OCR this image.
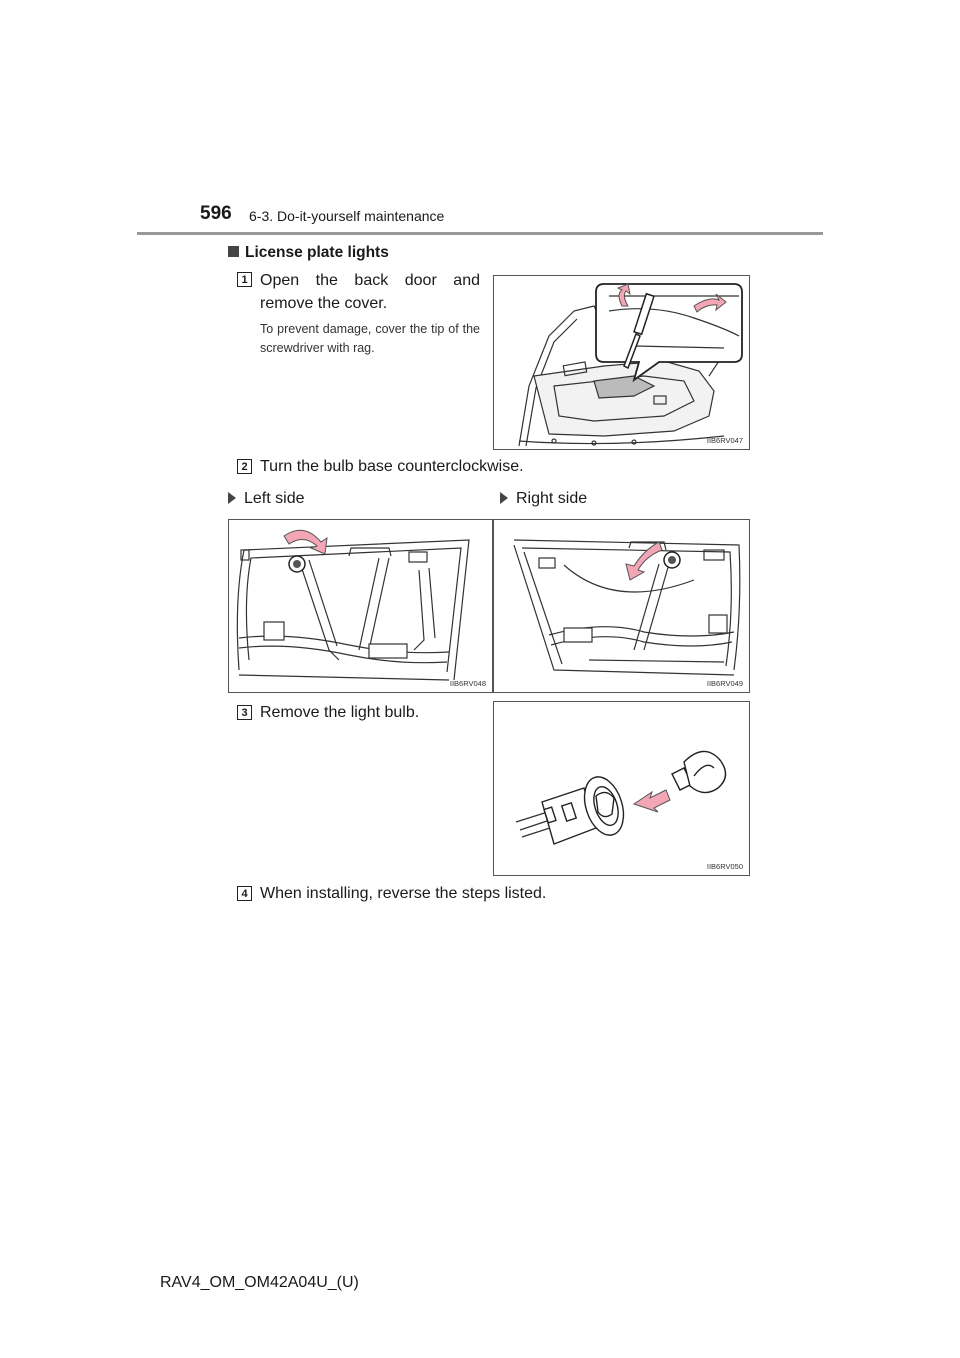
596 6-3. Do-it-yourself maintenance
License plate lights
1 Open the back door and remove the cover.
To prevent damage, cover the tip of the screwdriver with rag.
IIB6RV047
2 Turn the bulb base counterclockwise.
Left side	Right side
IIB6RV048	IIB6RV049
3 Remove the light bulb.
IIB6RV050
4 When installing, reverse the steps listed.
RAV4_OM_OM42A04U_(U)
